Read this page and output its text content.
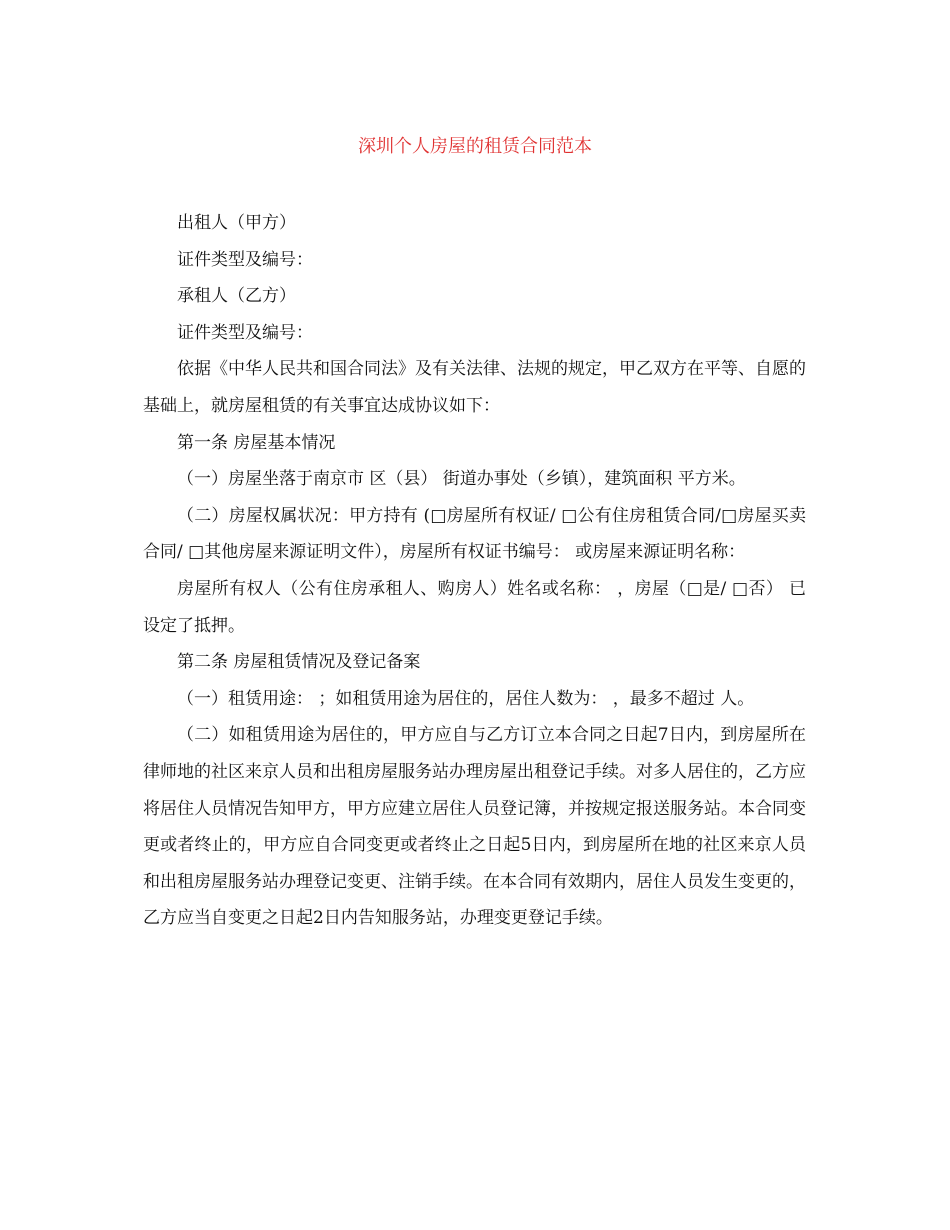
深圳个人房屋的租赁合同范本

出租人（甲方）

证件类型及编号：

承租人（乙方）

证件类型及编号：

依据《中华人民共和国合同法》及有关法律、法规的规定，甲乙双方在平等、自愿的基础上，就房屋租赁的有关事宜达成协议如下：

第一条 房屋基本情况

（一）房屋坐落于南京市 区（县） 街道办事处（乡镇），建筑面积 平方米。

（二）房屋权属状况：甲方持有 (□房屋所有权证/ □公有住房租赁合同/□房屋买卖合同/ □其他房屋来源证明文件），房屋所有权证书编号： 或房屋来源证明名称：

房屋所有权人（公有住房承租人、购房人）姓名或名称： ，房屋（□是/ □否） 已设定了抵押。

第二条 房屋租赁情况及登记备案

（一）租赁用途： ；如租赁用途为居住的，居住人数为： ，最多不超过 人。

（二）如租赁用途为居住的，甲方应自与乙方订立本合同之日起7日内，到房屋所在律师地的社区来京人员和出租房屋服务站办理房屋出租登记手续。对多人居住的，乙方应将居住人员情况告知甲方，甲方应建立居住人员登记簿，并按规定报送服务站。本合同变更或者终止的，甲方应自合同变更或者终止之日起5日内，到房屋所在地的社区来京人员和出租房屋服务站办理登记变更、注销手续。在本合同有效期内，居住人员发生变更的，乙方应当自变更之日起2日内告知服务站，办理变更登记手续。
